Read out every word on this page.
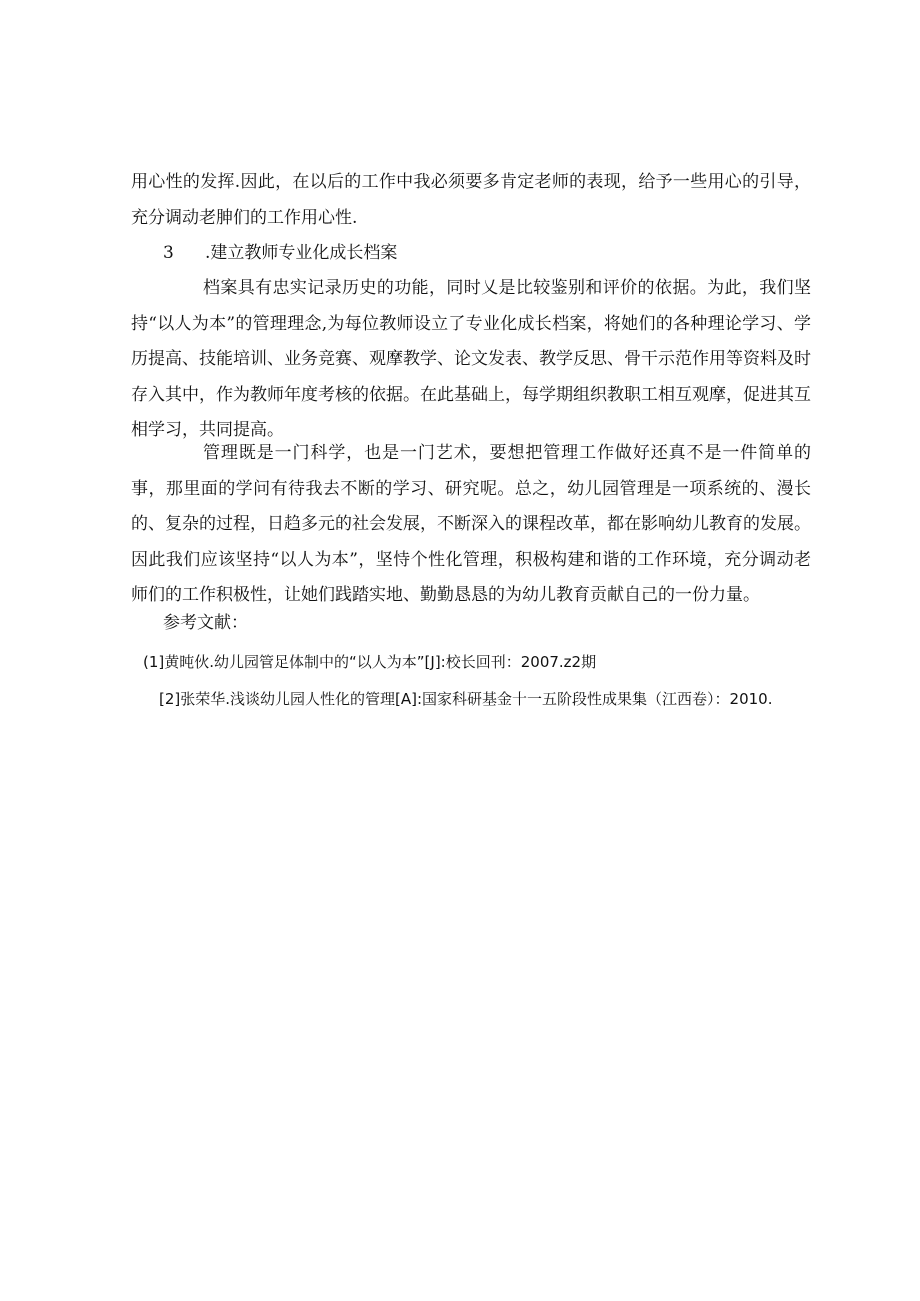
用心性的发挥.因此，在以后的工作中我必须要多肯定老师的表现，给予一些用心的引导，充分调动老胂们的工作用心性.

3 .建立教师专业化成长档案

档案具有忠实记录历史的功能，同时乂是比较鉴别和评价的依据。为此，我们坚持“以人为本”的管理理念,为每位教师设立了专业化成长档案，将她们的各种理论学习、学历提高、技能培训、业务竞赛、观摩教学、论文发表、教学反思、骨干示范作用等资料及时存入其中，作为教师年度考核的依据。在此基础上，每学期组织教职工相互观摩，促进其互相学习，共同提高。

管理既是一门科学，也是一门艺术，要想把管理工作做好还真不是一件简单的事，那里面的学问有待我去不断的学习、研究呢。总之，幼儿园管理是一项系统的、漫长的、复杂的过程，日趋多元的社会发展，不断深入的课程改革，都在影响幼儿教育的发展。因此我们应该坚持“以人为本”，坚恃个性化管理，积极构建和谐的工作环境，充分调动老师们的工作积极性，让她们践踏实地、勤勤恳恳的为幼儿教育贡献自己的一份力量。

参考文献：

(1]黄旽伙.幼儿园管足体制中的“以人为本”[J]:校长回刊：2007.z2期

[2]张荣华.浅谈幼儿园人性化的管理[A]:国家科研基金十一五阶段性成果集（江西卷）：2010.
